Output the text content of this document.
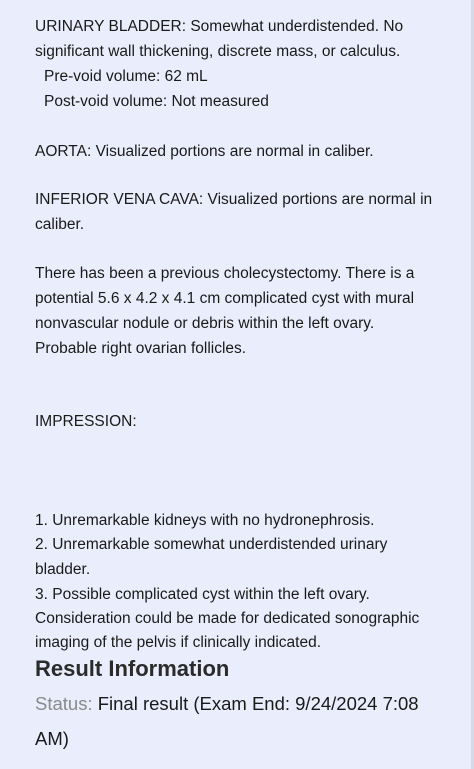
URINARY BLADDER: Somewhat underdistended. No
significant wall thickening, discrete mass, or calculus.
Pre-void volume: 62 mL
Post-void volume: Not measured
AORTA: Visualized portions are normal in caliber.
INFERIOR VENA CAVA: Visualized portions are normal in
caliber.
There has been a previous cholecystectomy. There is a
potential 5.6 x 4.2 x 4.1 cm complicated cyst with mural
nonvascular nodule or debris within the left ovary.
Probable right ovarian follicles.
IMPRESSION:
1. Unremarkable kidneys with no hydronephrosis.
2. Unremarkable somewhat underdistended urinary
bladder.
3. Possible complicated cyst within the left ovary.
Consideration could be made for dedicated sonographic
imaging of the pelvis if clinically indicated.
Result Information
Status: Final result (Exam End: 9/24/2024 7:08
AM)
